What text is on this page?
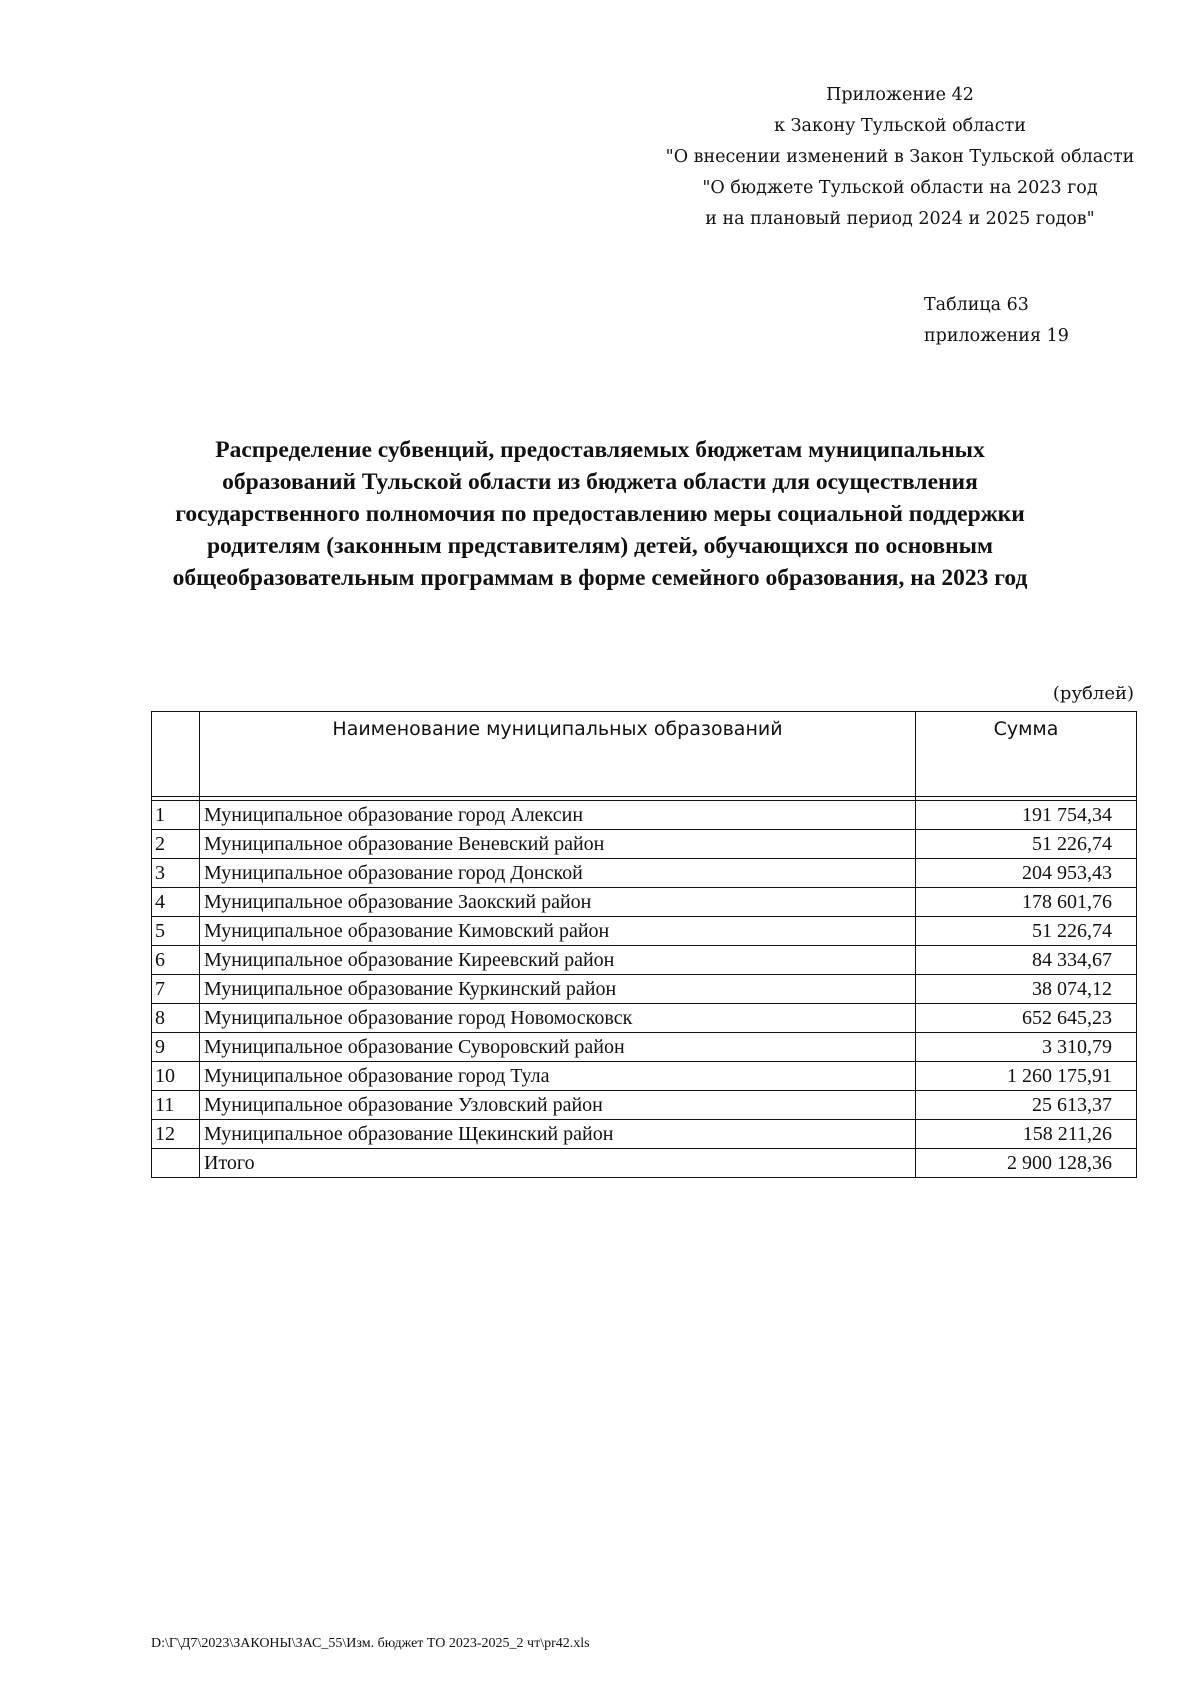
Приложение 42
к Закону Тульской области
"О внесении изменений в Закон Тульской области
"О бюджете Тульской области на 2023 год
и на плановый период 2024 и 2025 годов"
Таблица 63
приложения 19
Распределение субвенций, предоставляемых бюджетам муниципальных
образований Тульской области из бюджета области для осуществления
государственного полномочия по предоставлению меры социальной поддержки
родителям (законным представителям) детей, обучающихся по основным
общеобразовательным программам в форме семейного образования, на 2023 год
(рублей)
	Наименование муниципальных образований	Сумма

1	Муниципальное образование город Алексин	191 754,34
2	Муниципальное образование Веневский район	51 226,74
3	Муниципальное образование город Донской	204 953,43
4	Муниципальное образование Заокский район	178 601,76
5	Муниципальное образование Кимовский район	51 226,74
6	Муниципальное образование Киреевский район	84 334,67
7	Муниципальное образование Куркинский район	38 074,12
8	Муниципальное образование город Новомосковск	652 645,23
9	Муниципальное образование Суворовский район	3 310,79
10	Муниципальное образование город Тула	1 260 175,91
11	Муниципальное образование Узловский район	25 613,37
12	Муниципальное образование Щекинский район	158 211,26
	Итого	2 900 128,36
D:\Г\Д7\2023\ЗАКОНЫ\ЗАС_55\Изм. бюджет ТО 2023-2025_2 чт\pr42.xls
